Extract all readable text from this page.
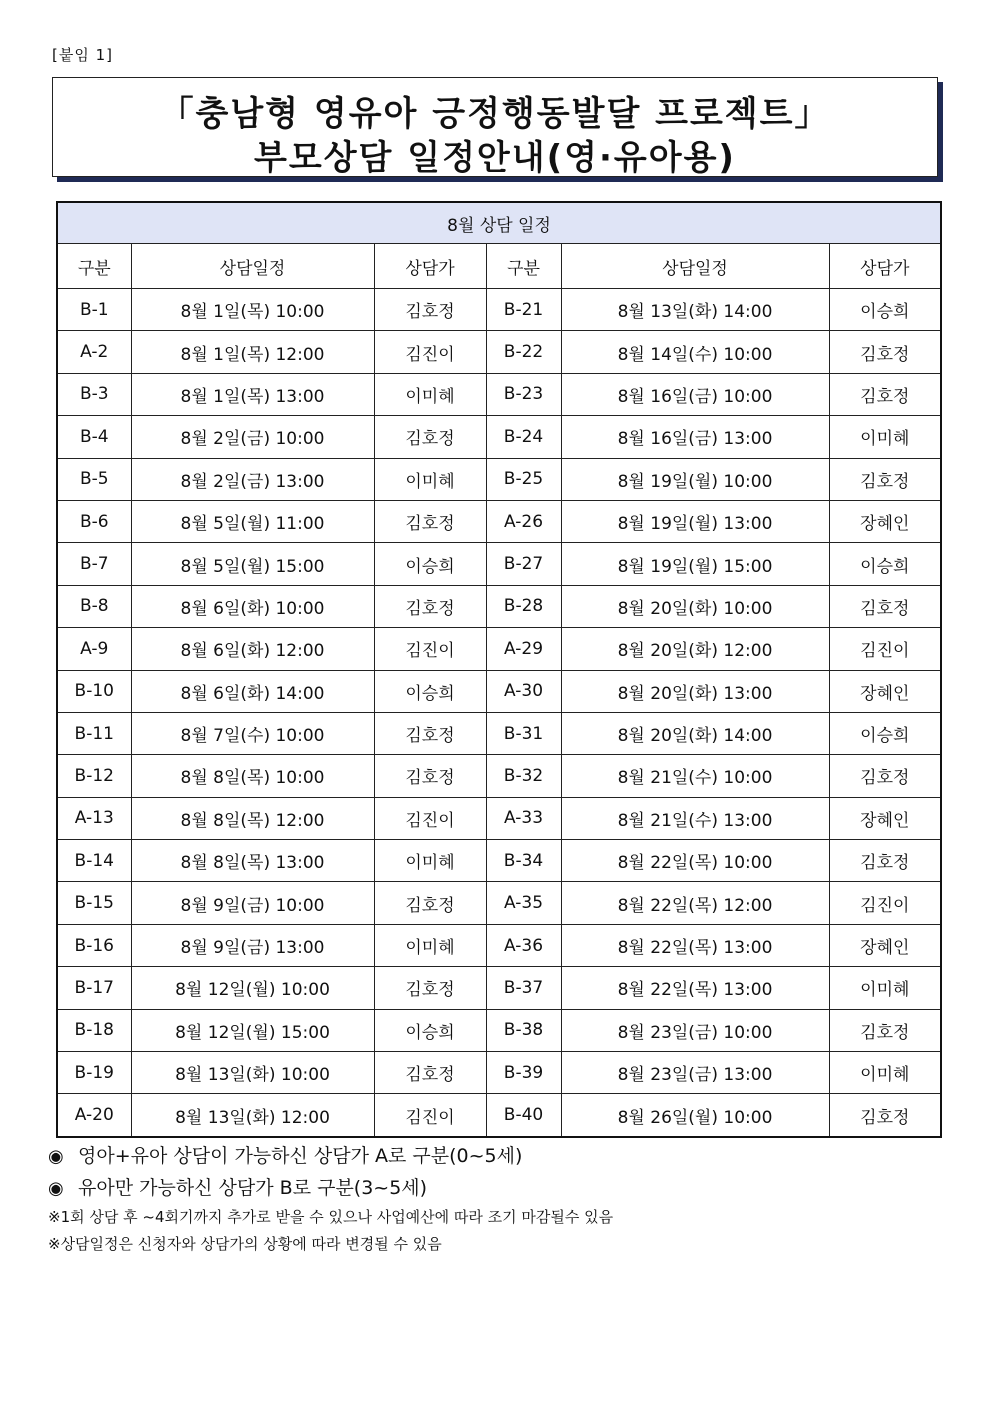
[붙임 1]
「충남형 영유아 긍정행동발달 프로젝트」
부모상담 일정안내(영·유아용)
8월 상담 일정					
구분	상담일정	상담가	구분	상담일정	상담가
B-1	8월 1일(목) 10:00	김호정	B-21	8월 13일(화) 14:00	이승희
A-2	8월 1일(목) 12:00	김진이	B-22	8월 14일(수) 10:00	김호정
B-3	8월 1일(목) 13:00	이미혜	B-23	8월 16일(금) 10:00	김호정
B-4	8월 2일(금) 10:00	김호정	B-24	8월 16일(금) 13:00	이미혜
B-5	8월 2일(금) 13:00	이미혜	B-25	8월 19일(월) 10:00	김호정
B-6	8월 5일(월) 11:00	김호정	A-26	8월 19일(월) 13:00	장혜인
B-7	8월 5일(월) 15:00	이승희	B-27	8월 19일(월) 15:00	이승희
B-8	8월 6일(화) 10:00	김호정	B-28	8월 20일(화) 10:00	김호정
A-9	8월 6일(화) 12:00	김진이	A-29	8월 20일(화) 12:00	김진이
B-10	8월 6일(화) 14:00	이승희	A-30	8월 20일(화) 13:00	장혜인
B-11	8월 7일(수) 10:00	김호정	B-31	8월 20일(화) 14:00	이승희
B-12	8월 8일(목) 10:00	김호정	B-32	8월 21일(수) 10:00	김호정
A-13	8월 8일(목) 12:00	김진이	A-33	8월 21일(수) 13:00	장혜인
B-14	8월 8일(목) 13:00	이미혜	B-34	8월 22일(목) 10:00	김호정
B-15	8월 9일(금) 10:00	김호정	A-35	8월 22일(목) 12:00	김진이
B-16	8월 9일(금) 13:00	이미혜	A-36	8월 22일(목) 13:00	장혜인
B-17	8월 12일(월) 10:00	김호정	B-37	8월 22일(목) 13:00	이미혜
B-18	8월 12일(월) 15:00	이승희	B-38	8월 23일(금) 10:00	김호정
B-19	8월 13일(화) 10:00	김호정	B-39	8월 23일(금) 13:00	이미혜
A-20	8월 13일(화) 12:00	김진이	B-40	8월 26일(월) 10:00	김호정
◉ 영아+유아 상담이 가능하신 상담가 A로 구분(0~5세)
◉ 유아만 가능하신 상담가 B로 구분(3~5세)
※1회 상담 후 ~4회기까지 추가로 받을 수 있으나 사업예산에 따라 조기 마감될수 있음
※상담일정은 신청자와 상담가의 상황에 따라 변경될 수 있음
